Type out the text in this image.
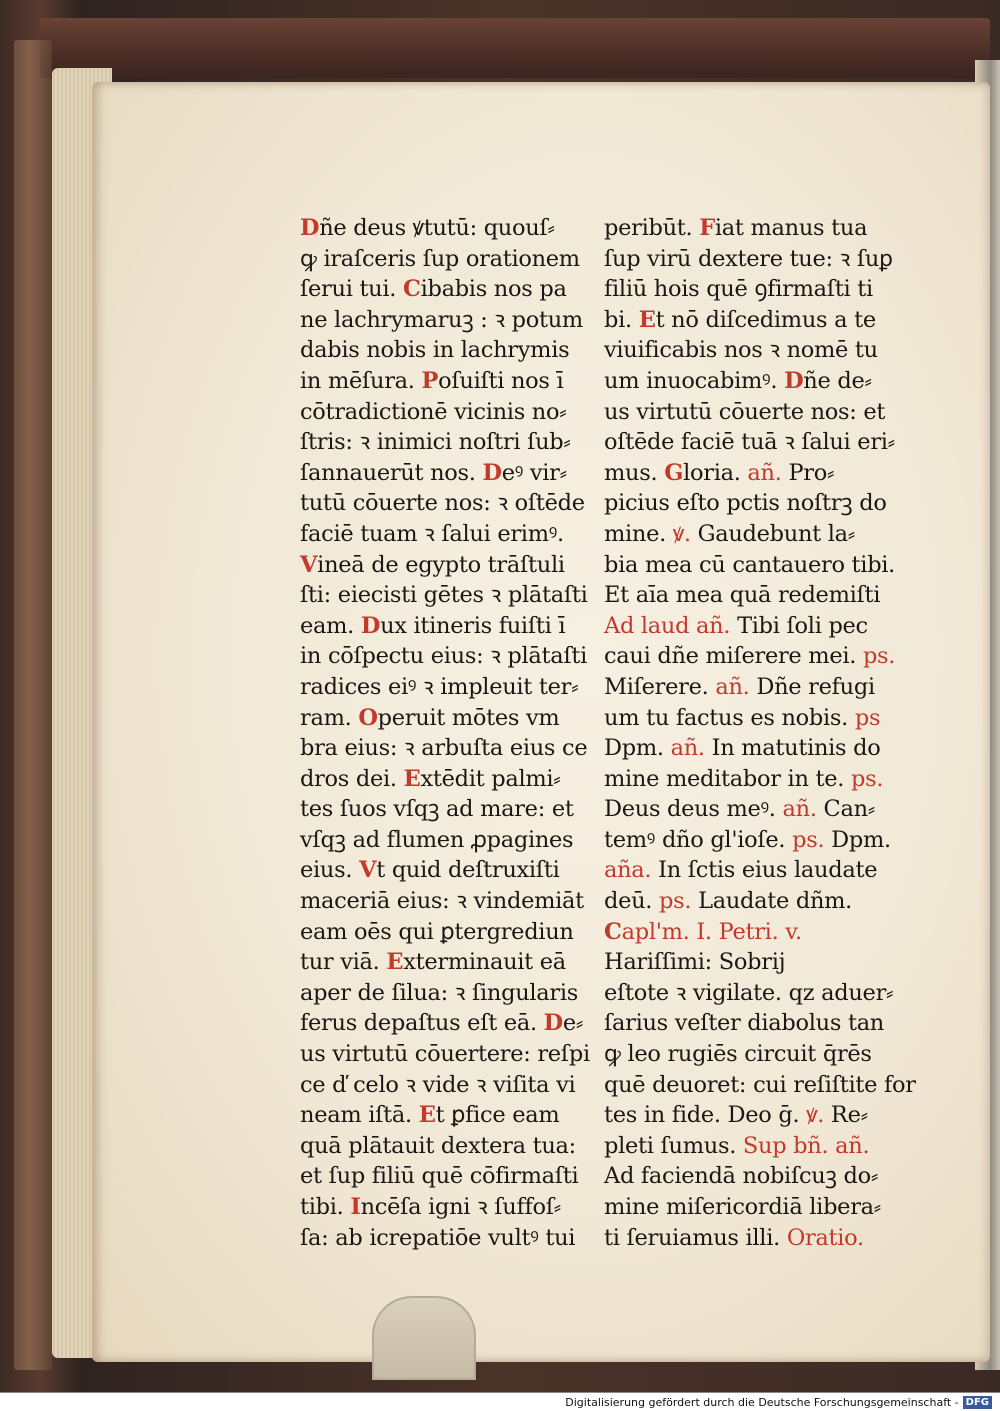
Dñe deus ꝟtutū: quouſ⸗
ꝙ iraſceris ſup orationem
ſerui tui. Cibabis nos pa
ne lachrymaruꝫ : ꝛ potum
dabis nobis in lachrymis
in mēſura. Poſuiſti nos ī
cōtradictionē vicinis no⸗
ſtris: ꝛ inimici noſtri ſub⸗
ſannauerūt nos. Deꝰ vir⸗
tutū cōuerte nos: ꝛ oſtēde
faciē tuam ꝛ ſalui erimꝰ.
Vineā de egypto trāſtuli
ſti: eiecisti gētes ꝛ plātaſti
eam. Dux itineris fuiſti ī
in cōſpectu eius: ꝛ plātaſti
radices eiꝰ ꝛ impleuit ter⸗
ram. Operuit mōtes vm
bra eius: ꝛ arbuſta eius ce
dros dei. Extēdit palmi⸗
tes ſuos vſqꝫ ad mare: et
vſqꝫ ad flumen ꝓpagines
eius. Vt quid deſtruxiſti
maceriā eius: ꝛ vindemiāt
eam oēs qui ꝑtergrediun
tur viā. Exterminauit eā
aper de ſilua: ꝛ ſingularis
ferus depaſtus eſt eā. De⸗
us virtutū cōuertere: reſpi
ce ď celo ꝛ vide ꝛ viſita vi
neam iſtā. Et ꝑfice eam
quā plātauit dextera tua:
et ſup filiū quē cōfirmaſti
tibi. Incēſa igni ꝛ ſuffoſ⸗
ſa: ab icrepatiōe vultꝰ tui
peribūt. Fiat manus tua
ſup virū dextere tue: ꝛ ſuꝑ
filiū hois quē ꝯfirmaſti ti
bi. Et nō diſcedimus a te
viuificabis nos ꝛ nomē tu
um inuocabimꝰ. Dñe de⸗
us virtutū cōuerte nos: et
oſtēde faciē tuā ꝛ ſalui eri⸗
mus. Gloria. añ. Pro⸗
picius eſto pctis noſtrꝫ do
mine. ꝟ. Gaudebunt la⸗
bia mea cū cantauero tibi.
Et aīa mea quā redemiſti
Ad laud añ. Tibi ſoli pec
caui dñe miſerere mei. ps.
Miſerere. añ. Dñe refugi
um tu factus es nobis. ps
Dpm. añ. In matutinis do
mine meditabor in te. ps.
Deus deus meꝰ. añ. Can⸗
temꝰ dño gl'ioſe. ps. Dpm.
aña. In ſctis eius laudate
deū. ps. Laudate dñm.
Capl'm. I. Petri. v.
Hariſſimi: Sobrij
eſtote ꝛ vigilate. qz aduer⸗
ſarius veſter diabolus tan
ꝙ leo rugiēs circuit q̄rēs
quē deuoret: cui reſiſtite for
tes in fide. Deo ḡ. ꝟ. Re⸗
pleti ſumus. Sup bñ. añ.
Ad faciendā nobiſcuꝫ do⸗
mine miſericordiā libera⸗
ti ſeruiamus illi. Oratio.
Digitalisierung gefördert durch die Deutsche Forschungsgemeinschaft - DFG
